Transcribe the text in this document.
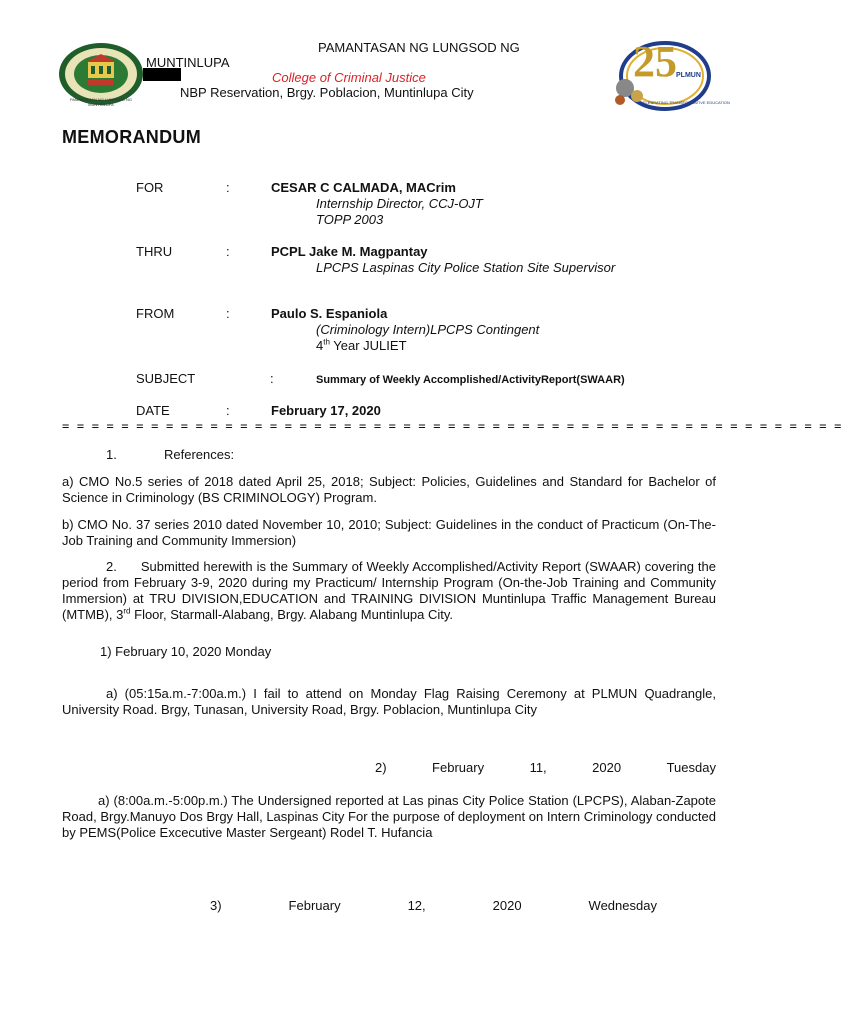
PAMANTASAN NG LUNGSOD NG MUNTINLUPA
PAMANTASAN NG LUNGSOD NG
MUNTINLUPA
College of Criminal Justice
NBP Reservation, Brgy. Poblacion, Muntinlupa City
25
CELEBRATING TRANSFORMATIVE EDUCATION
PLMUN
MEMORANDUM
FOR	:	CESAR C CALMADA, MACrim
Internship Director, CCJ-OJT
TOPP 2003
THRU	:	PCPL Jake M. Magpantay
LPCPS Laspinas City Police Station Site Supervisor
FROM	:	Paulo S. Espaniola
(Criminology Intern)LPCPS Contingent
4th Year JULIET
SUBJECT	:	Summary of Weekly Accomplished/ActivityReport(SWAAR)
DATE	:	February 17, 2020
= = = = = = = = = = = = = = = = = = = = = = = = = = = = = = = = = = = = = = = = = = = = = = = = = = = = =
1.	References:
a) CMO No.5 series of 2018 dated April 25, 2018; Subject: Policies, Guidelines and Standard for Bachelor of Science in Criminology (BS CRIMINOLOGY) Program.
b) CMO No. 37 series 2010 dated November 10, 2010; Subject: Guidelines in the conduct of Practicum (On-The-Job Training and Community Immersion)
2.      Submitted herewith is the Summary of Weekly Accomplished/Activity Report (SWAAR) covering the period from February 3-9, 2020 during my Practicum/ Internship Program (On-the-Job Training and Community Immersion) at TRU DIVISION,EDUCATION and TRAINING DIVISION Muntinlupa Traffic Management Bureau (MTMB), 3rd Floor, Starmall-Alabang, Brgy. Alabang Muntinlupa City.
1) February 10, 2020 Monday
a) (05:15a.m.-7:00a.m.) I fail to attend on Monday Flag Raising Ceremony at PLMUN Quadrangle, University Road. Brgy, Tunasan, University Road, Brgy. Poblacion, Muntinlupa City
2)	February	11,	2020	Tuesday
a) (8:00a.m.-5:00p.m.) The Undersigned reported at Las pinas City Police Station (LPCPS), Alaban-Zapote Road, Brgy.Manuyo Dos Brgy Hall, Laspinas City For the purpose of deployment on Intern Criminology conducted by PEMS(Police Excecutive Master Sergeant) Rodel T. Hufancia
3)	February	12,	2020	Wednesday
